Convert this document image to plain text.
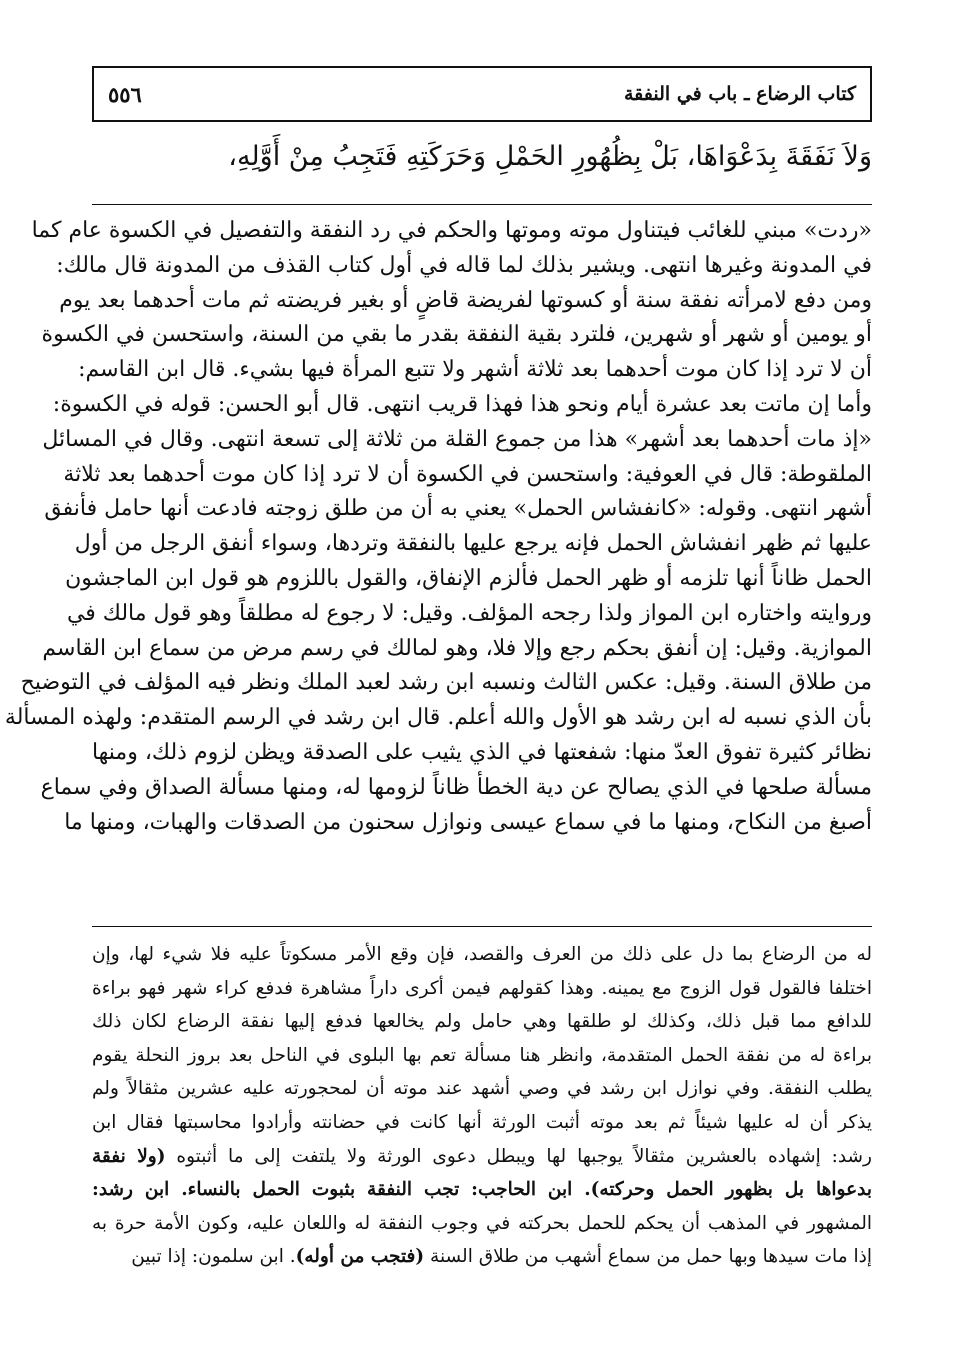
كتاب الرضاع ـ باب في النفقة
٥٥٦
وَلاَ نَفَقَةَ بِدَعْوَاهَا، بَلْ بِظُهُورِ الحَمْلِ وَحَرَكَتِهِ فَتَجِبُ مِنْ أَوَّلِهِ،
«ردت» مبني للغائب فيتناول موته وموتها والحكم في رد النفقة والتفصيل في الكسوة عام كما
في المدونة وغيرها انتهى. ويشير بذلك لما قاله في أول كتاب القذف من المدونة قال مالك:
ومن دفع لامرأته نفقة سنة أو كسوتها لفريضة قاضٍ أو بغير فريضته ثم مات أحدهما بعد يوم
أو يومين أو شهر أو شهرين، فلترد بقية النفقة بقدر ما بقي من السنة، واستحسن في الكسوة
أن لا ترد إذا كان موت أحدهما بعد ثلاثة أشهر ولا تتبع المرأة فيها بشيء. قال ابن القاسم:
وأما إن ماتت بعد عشرة أيام ونحو هذا فهذا قريب انتهى. قال أبو الحسن: قوله في الكسوة:
«إذ مات أحدهما بعد أشهر» هذا من جموع القلة من ثلاثة إلى تسعة انتهى. وقال في المسائل
الملقوطة: قال في العوفية: واستحسن في الكسوة أن لا ترد إذا كان موت أحدهما بعد ثلاثة
أشهر انتهى. وقوله: «كانفشاس الحمل» يعني به أن من طلق زوجته فادعت أنها حامل فأنفق
عليها ثم ظهر انفشاش الحمل فإنه يرجع عليها بالنفقة وتردها، وسواء أنفق الرجل من أول
الحمل ظاناً أنها تلزمه أو ظهر الحمل فألزم الإنفاق، والقول باللزوم هو قول ابن الماجشون
وروايته واختاره ابن المواز ولذا رجحه المؤلف. وقيل: لا رجوع له مطلقاً وهو قول مالك في
الموازية. وقيل: إن أنفق بحكم رجع وإلا فلا، وهو لمالك في رسم مرض من سماع ابن القاسم
من طلاق السنة. وقيل: عكس الثالث ونسبه ابن رشد لعبد الملك ونظر فيه المؤلف في التوضيح
بأن الذي نسبه له ابن رشد هو الأول والله أعلم. قال ابن رشد في الرسم المتقدم: ولهذه المسألة
نظائر كثيرة تفوق العدّ منها: شفعتها في الذي يثيب على الصدقة ويظن لزوم ذلك، ومنها
مسألة صلحها في الذي يصالح عن دية الخطأ ظاناً لزومها له، ومنها مسألة الصداق وفي سماع
أصبغ من النكاح، ومنها ما في سماع عيسى ونوازل سحنون من الصدقات والهبات، ومنها ما
له من الرضاع بما دل على ذلك من العرف والقصد، فإن وقع الأمر مسكوتاً عليه فلا شيء لها، وإن
اختلفا فالقول قول الزوج مع يمينه. وهذا كقولهم فيمن أكرى داراً مشاهرة فدفع كراء شهر فهو براءة
للدافع مما قبل ذلك، وكذلك لو طلقها وهي حامل ولم يخالعها فدفع إليها نفقة الرضاع لكان ذلك
براءة له من نفقة الحمل المتقدمة، وانظر هنا مسألة تعم بها البلوى في الناحل بعد بروز النحلة يقوم
يطلب النفقة. وفي نوازل ابن رشد في وصي أشهد عند موته أن لمحجورته عليه عشرين مثقالاً ولم
يذكر أن له عليها شيئاً ثم بعد موته أثبت الورثة أنها كانت في حضانته وأرادوا محاسبتها فقال ابن
رشد: إشهاده بالعشرين مثقالاً يوجبها لها ويبطل دعوى الورثة ولا يلتفت إلى ما أثبتوه (ولا نفقة
بدعواها بل بظهور الحمل وحركته). ابن الحاجب: تجب النفقة بثبوت الحمل بالنساء. ابن رشد:
المشهور في المذهب أن يحكم للحمل بحركته في وجوب النفقة له واللعان عليه، وكون الأمة حرة به
إذا مات سيدها وبها حمل من سماع أشهب من طلاق السنة (فتجب من أوله). ابن سلمون: إذا تبين
